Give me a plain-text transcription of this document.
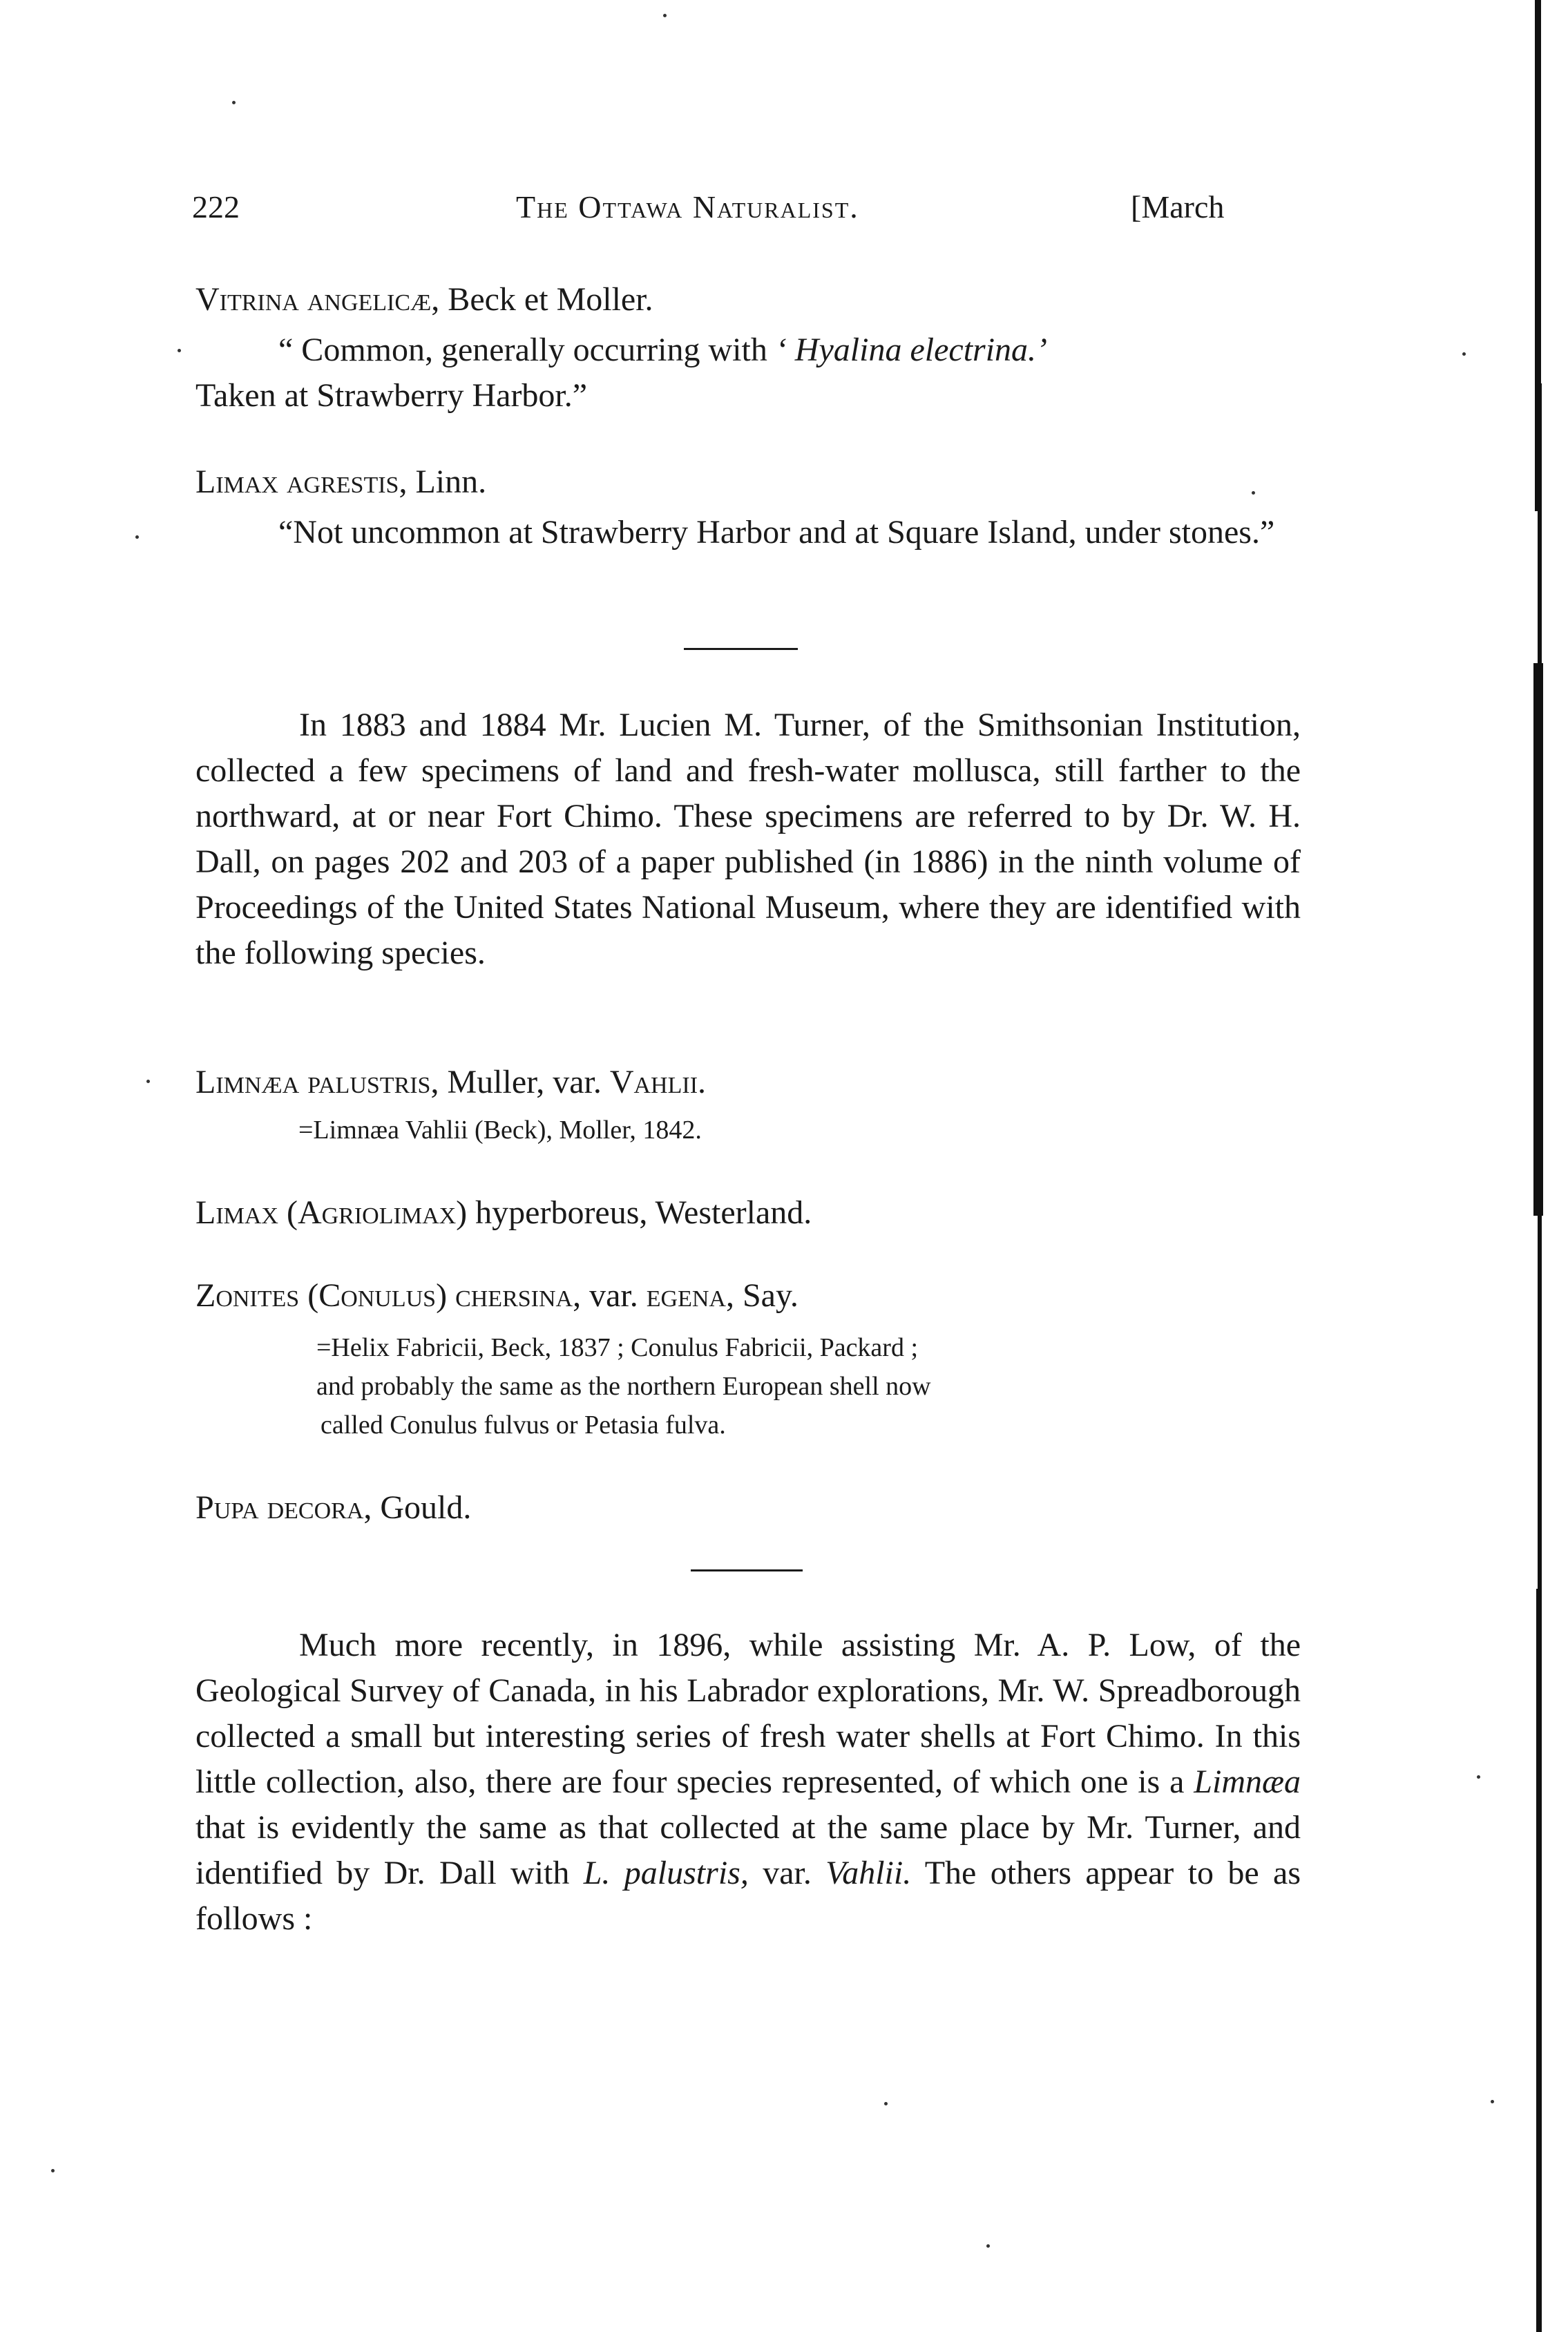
222	The Ottawa Naturalist.	[March
Vitrina angelicæ, Beck et Moller.
“ Common, generally occurring with ‘ Hyalina electrina.’
Taken at Strawberry Harbor.”
Limax agrestis, Linn.
“Not uncommon at Strawberry Harbor and at Square Island, under stones.”
In 1883 and 1884 Mr. Lucien M. Turner, of the Smithsonian Institution, collected a few specimens of land and fresh-water mollusca, still farther to the northward, at or near Fort Chimo. These specimens are referred to by Dr. W. H. Dall, on pages 202 and 203 of a paper published (in 1886) in the ninth volume of Proceedings of the United States National Museum, where they are identified with the following species.
Limnæa palustris, Muller, var. Vahlii.
=Limnæa Vahlii (Beck), Moller, 1842.
Limax (Agriolimax) hyperboreus, Westerland.
Zonites (Conulus) chersina, var. egena, Say.
=Helix Fabricii, Beck, 1837 ; Conulus Fabricii, Packard ;
and probably the same as the northern European shell now
called Conulus fulvus or Petasia fulva.
Pupa decora, Gould.
Much more recently, in 1896, while assisting Mr. A. P. Low, of the Geological Survey of Canada, in his Labrador explorations, Mr. W. Spreadborough collected a small but interesting series of fresh water shells at Fort Chimo. In this little collection, also, there are four species represented, of which one is a Limnæa that is evidently the same as that collected at the same place by Mr. Turner, and identified by Dr. Dall with L. palustris, var. Vahlii. The others appear to be as follows :
